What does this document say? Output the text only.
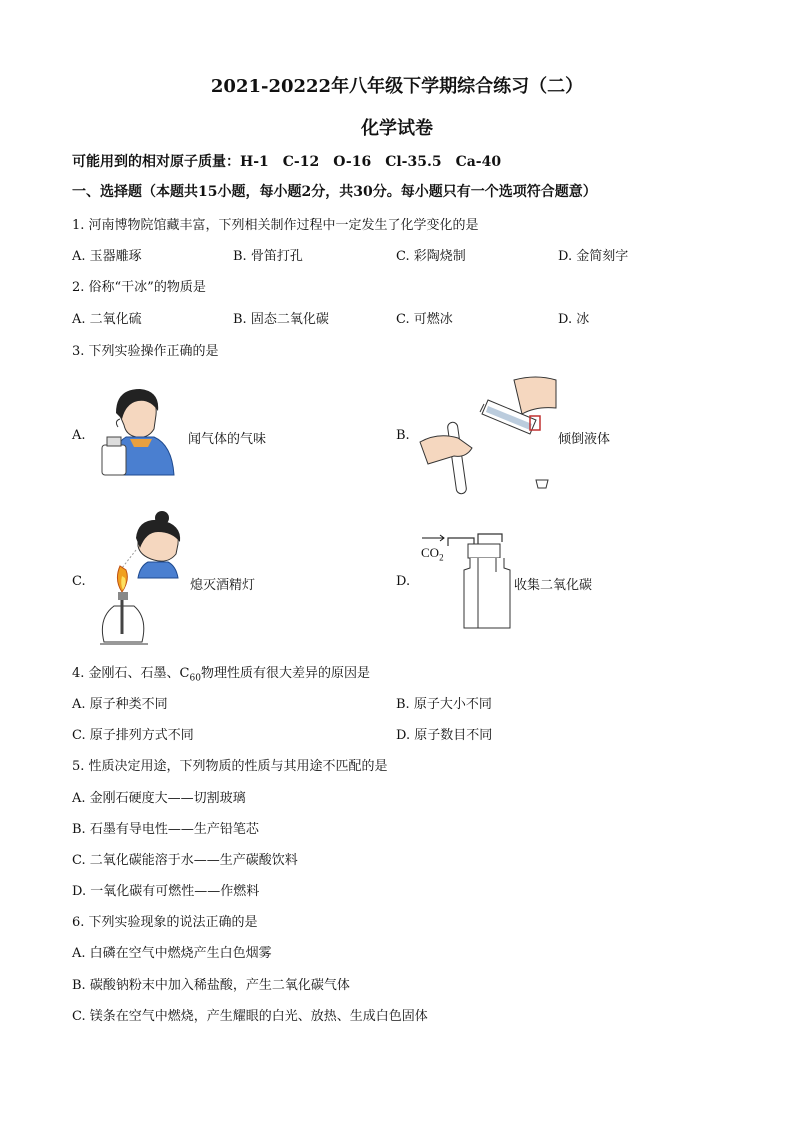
2021-20222年八年级下学期综合练习（二）
化学试卷
可能用到的相对原子质量：H-1　C-12　O-16　Cl-35.5　Ca-40
一、选择题（本题共15小题，每小题2分，共30分。每小题只有一个选项符合题意）
1. 河南博物院馆藏丰富，下列相关制作过程中一定发生了化学变化的是
A. 玉器雕琢	B. 骨笛打孔	C. 彩陶烧制	D. 金简刻字
2. 俗称“干冰”的物质是
A. 二氧化硫	B. 固态二氧化碳	C. 可燃冰	D. 冰
3. 下列实验操作正确的是
A.	闻气体的气味	B.	倾倒液体
C.	熄灭酒精灯	D.
$CO_2$
收集二氧化碳
4. 金刚石、石墨、$C_{60}$物理性质有很大差异的原因是
A. 原子种类不同	B. 原子大小不同
C. 原子排列方式不同	D. 原子数目不同
5. 性质决定用途，下列物质的性质与其用途不匹配的是
A. 金刚石硬度大——切割玻璃
B. 石墨有导电性——生产铅笔芯
C. 二氧化碳能溶于水——生产碳酸饮料
D. 一氧化碳有可燃性——作燃料
6. 下列实验现象的说法正确的是
A. 白磷在空气中燃烧产生白色烟雾
B. 碳酸钠粉末中加入稀盐酸，产生二氧化碳气体
C. 镁条在空气中燃烧，产生耀眼的白光、放热、生成白色固体
